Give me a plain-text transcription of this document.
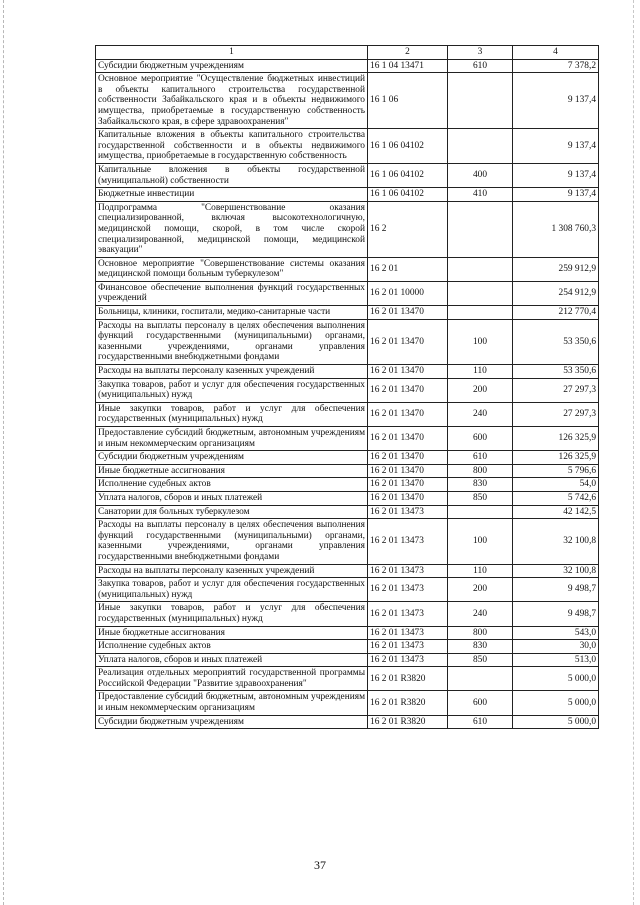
1	2	3	4
Субсидии бюджетным учреждениям	16 1 04 13471	610	7 378,2
Основное мероприятие "Осуществление бюджетных инвестиций в объекты капитального строительства государственной собственности Забайкальского края и в объекты недвижимого имущества, приобретаемые в государственную собственность Забайкальского края, в сфере здравоохранения"	16 1 06		9 137,4
Капитальные вложения в объекты капитального строительства государственной собственности и в объекты недвижимого имущества, приобретаемые в государственную собственность	16 1 06 04102		9 137,4
Капитальные вложения в объекты государственной (муниципальной) собственности	16 1 06 04102	400	9 137,4
Бюджетные инвестиции	16 1 06 04102	410	9 137,4
Подпрограмма "Совершенствование оказания специализированной, включая высокотехнологичную, медицинской помощи, скорой, в том числе скорой специализированной, медицинской помощи, медицинской эвакуации"	16 2		1 308 760,3
Основное мероприятие "Совершенствование системы оказания медицинской помощи больным туберкулезом"	16 2 01		259 912,9
Финансовое обеспечение выполнения функций государственных учреждений	16 2 01 10000		254 912,9
Больницы, клиники, госпитали, медико-санитарные части	16 2 01 13470		212 770,4
Расходы на выплаты персоналу в целях обеспечения выполнения функций государственными (муниципальными) органами, казенными учреждениями, органами управления государственными внебюджетными фондами	16 2 01 13470	100	53 350,6
Расходы на выплаты персоналу казенных учреждений	16 2 01 13470	110	53 350,6
Закупка товаров, работ и услуг для обеспечения государственных (муниципальных) нужд	16 2 01 13470	200	27 297,3
Иные закупки товаров, работ и услуг для обеспечения государственных (муниципальных) нужд	16 2 01 13470	240	27 297,3
Предоставление субсидий бюджетным, автономным учреждениям и иным некоммерческим организациям	16 2 01 13470	600	126 325,9
Субсидии бюджетным учреждениям	16 2 01 13470	610	126 325,9
Иные бюджетные ассигнования	16 2 01 13470	800	5 796,6
Исполнение судебных актов	16 2 01 13470	830	54,0
Уплата налогов, сборов и иных платежей	16 2 01 13470	850	5 742,6
Санатории для больных туберкулезом	16 2 01 13473		42 142,5
Расходы на выплаты персоналу в целях обеспечения выполнения функций государственными (муниципальными) органами, казенными учреждениями, органами управления государственными внебюджетными фондами	16 2 01 13473	100	32 100,8
Расходы на выплаты персоналу казенных учреждений	16 2 01 13473	110	32 100,8
Закупка товаров, работ и услуг для обеспечения государственных (муниципальных) нужд	16 2 01 13473	200	9 498,7
Иные закупки товаров, работ и услуг для обеспечения государственных (муниципальных) нужд	16 2 01 13473	240	9 498,7
Иные бюджетные ассигнования	16 2 01 13473	800	543,0
Исполнение судебных актов	16 2 01 13473	830	30,0
Уплата налогов, сборов и иных платежей	16 2 01 13473	850	513,0
Реализация отдельных мероприятий государственной программы Российской Федерации "Развитие здравоохранения"	16 2 01 R3820		5 000,0
Предоставление субсидий бюджетным, автономным учреждениям и иным некоммерческим организациям	16 2 01 R3820	600	5 000,0
Субсидии бюджетным учреждениям	16 2 01 R3820	610	5 000,0
37
